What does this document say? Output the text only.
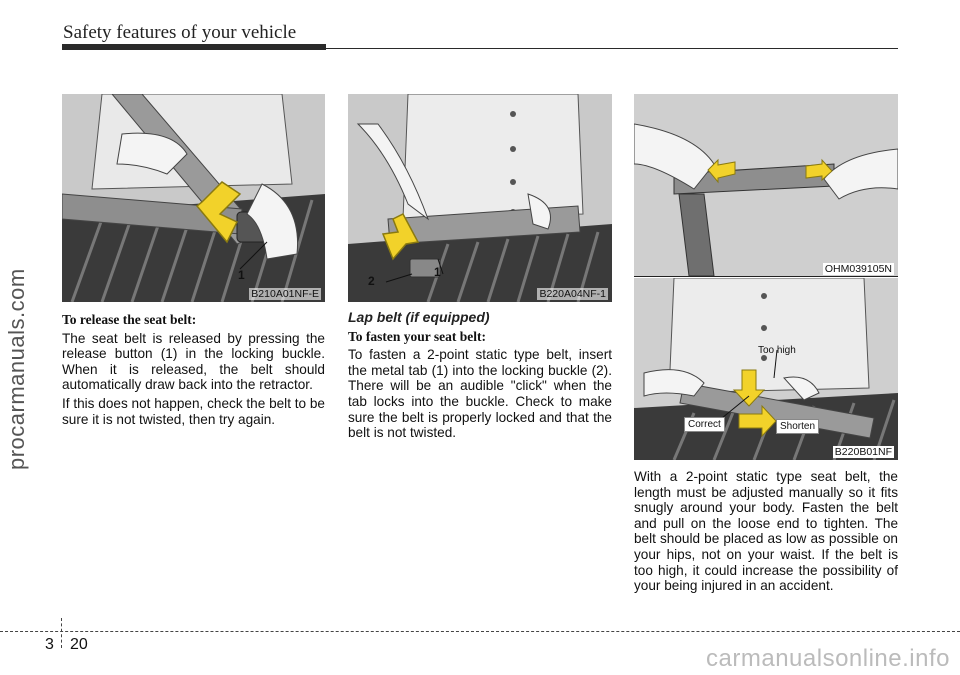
Safety features of your vehicle
procarmanuals.com	1
B210A01NF-E
2
1
B220A04NF-1
OHM039105N
Too high
Correct	Shorten
B220B01NF

To release the seat belt:

The seat belt is released by pressing the release button (1) in the locking buckle. When it is released, the belt should automatically draw back into the retractor.

If this does not happen, check the belt to be sure it is not twisted, then try again.

Lap belt (if equipped)

To fasten your seat belt:

To fasten a 2-point static type belt, insert the metal tab (1) into the locking buckle (2). There will be an audible "click" when the tab locks into the buckle. Check to make sure the belt is properly locked and that the belt is not twisted.

With a 2-point static type seat belt, the length must be adjusted manually so it fits snugly around your body. Fasten the belt and pull on the loose end to tighten. The belt should be placed as low as possible on your hips, not on your waist. If the belt is too high, it could increase the possibility of your being injured in an accident.

3 20
carmanualsonline.info
